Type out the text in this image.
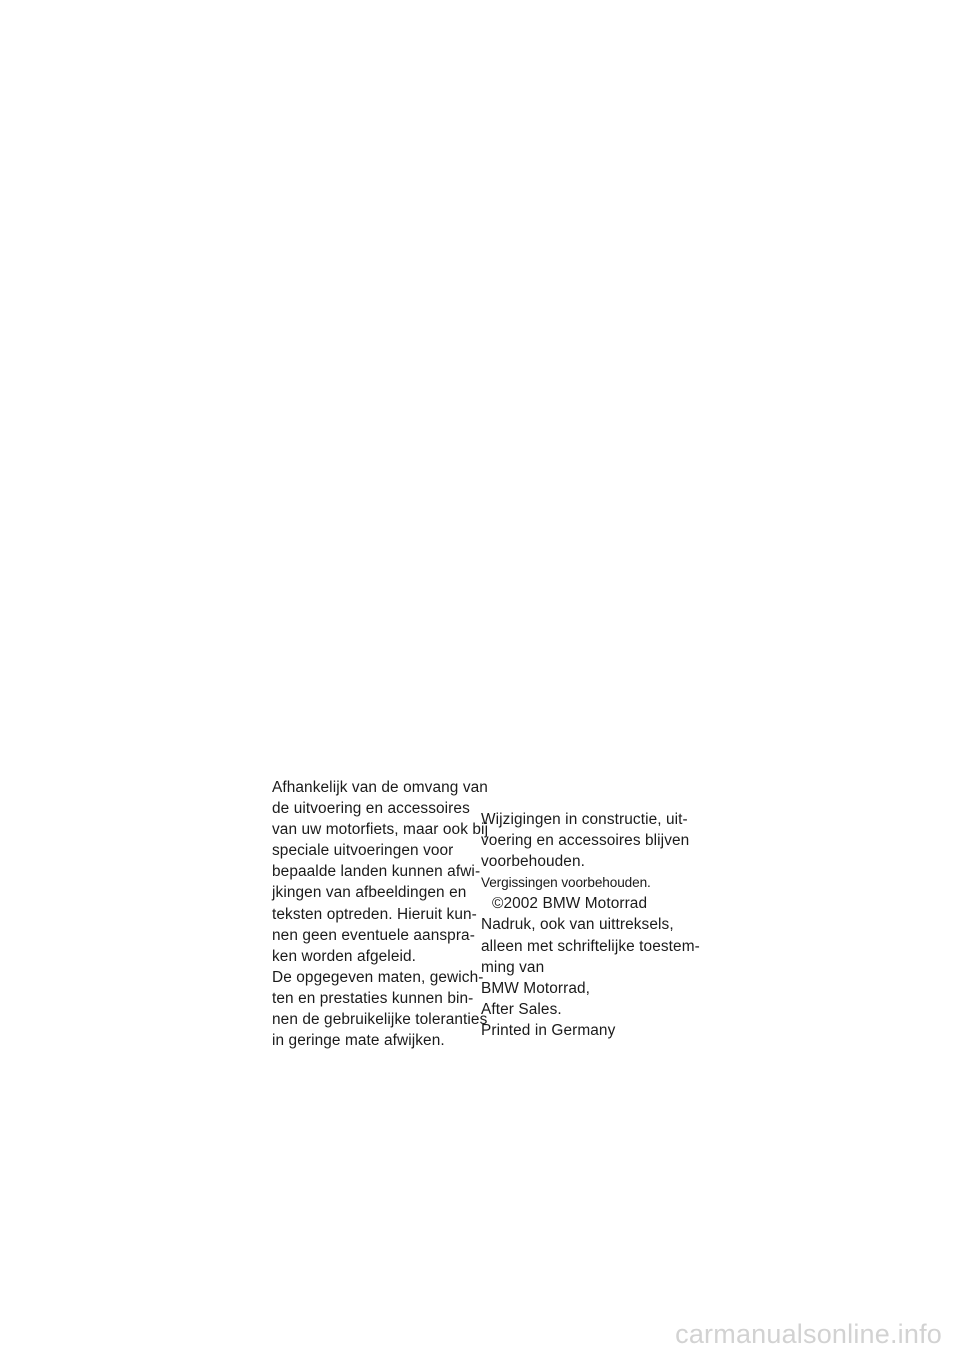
Afhankelijk van de omvang van
de uitvoering en accessoires
van uw motorfiets, maar ook bij
speciale uitvoeringen voor
bepaalde landen kunnen afwi-
jkingen van afbeeldingen en
teksten optreden. Hieruit kun-
nen geen eventuele aanspra-
ken worden afgeleid.
De opgegeven maten, gewich-
ten en prestaties kunnen bin-
nen de gebruikelijke toleranties
in geringe mate afwijken.
Wijzigingen in constructie, uit-
voering en accessoires blijven
voorbehouden.
Vergissingen voorbehouden.
©2002 BMW Motorrad
Nadruk, ook van uittreksels,
alleen met schriftelijke toestem-
ming van
BMW Motorrad,
After Sales.
Printed in Germany
carmanualsonline.info
